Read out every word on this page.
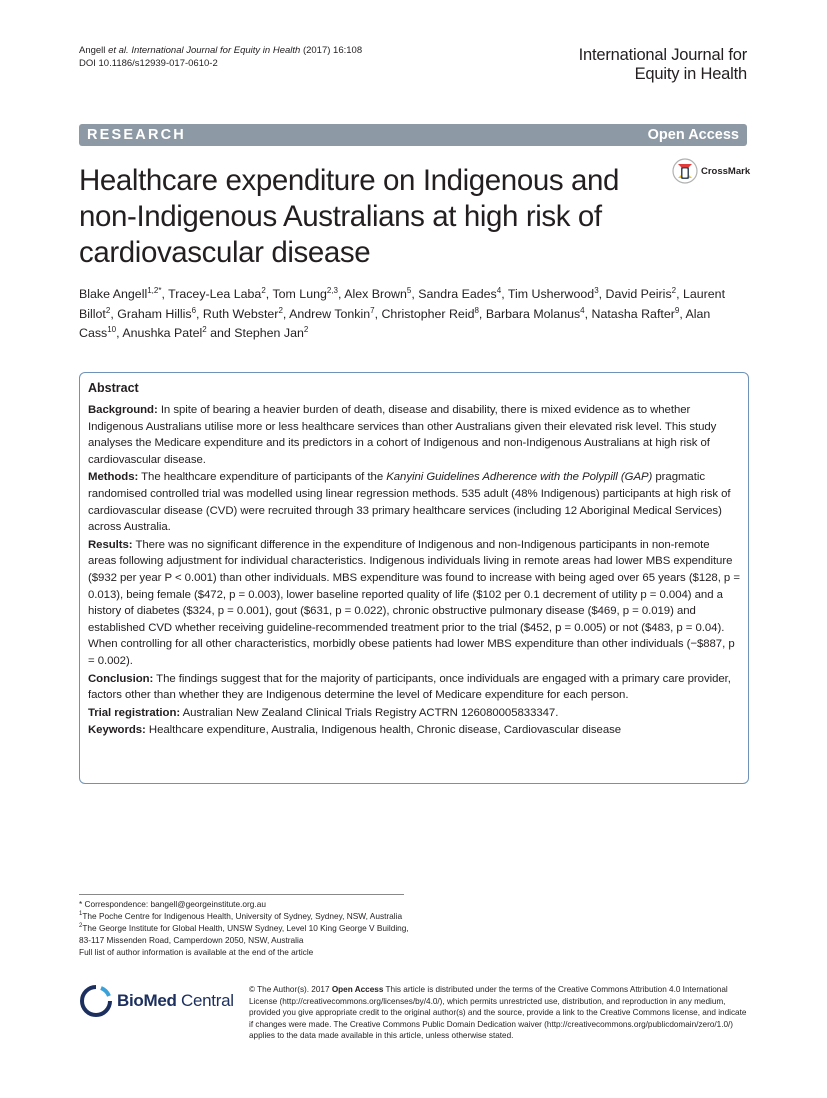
Angell et al. International Journal for Equity in Health (2017) 16:108
DOI 10.1186/s12939-017-0610-2	International Journal for
Equity in Health
RESEARCH	Open Access
Healthcare expenditure on Indigenous and non-Indigenous Australians at high risk of cardiovascular disease
CrossMark
Blake Angell$^{1,2*}$, Tracey-Lea Laba$^2$, Tom Lung$^{2,3}$, Alex Brown$^5$, Sandra Eades$^4$, Tim Usherwood$^3$, David Peiris$^2$, Laurent Billot$^2$, Graham Hillis$^6$, Ruth Webster$^2$, Andrew Tonkin$^7$, Christopher Reid$^8$, Barbara Molanus$^4$, Natasha Rafter$^9$, Alan Cass$^{10}$, Anushka Patel$^2$ and Stephen Jan$^2$
Abstract

Background: In spite of bearing a heavier burden of death, disease and disability, there is mixed evidence as to whether Indigenous Australians utilise more or less healthcare services than other Australians given their elevated risk level. This study analyses the Medicare expenditure and its predictors in a cohort of Indigenous and non-Indigenous Australians at high risk of cardiovascular disease.

Methods: The healthcare expenditure of participants of the Kanyini Guidelines Adherence with the Polypill (GAP) pragmatic randomised controlled trial was modelled using linear regression methods. 535 adult (48% Indigenous) participants at high risk of cardiovascular disease (CVD) were recruited through 33 primary healthcare services (including 12 Aboriginal Medical Services) across Australia.

Results: There was no significant difference in the expenditure of Indigenous and non-Indigenous participants in non-remote areas following adjustment for individual characteristics. Indigenous individuals living in remote areas had lower MBS expenditure ($932 per year P < 0.001) than other individuals. MBS expenditure was found to increase with being aged over 65 years ($128, p = 0.013), being female ($472, p = 0.003), lower baseline reported quality of life ($102 per 0.1 decrement of utility p = 0.004) and a history of diabetes ($324, p = 0.001), gout ($631, p = 0.022), chronic obstructive pulmonary disease ($469, p = 0.019) and established CVD whether receiving guideline-recommended treatment prior to the trial ($452, p = 0.005) or not ($483, p = 0.04). When controlling for all other characteristics, morbidly obese patients had lower MBS expenditure than other individuals (−$887, p = 0.002).

Conclusion: The findings suggest that for the majority of participants, once individuals are engaged with a primary care provider, factors other than whether they are Indigenous determine the level of Medicare expenditure for each person.

Trial registration: Australian New Zealand Clinical Trials Registry ACTRN 126080005833347.

Keywords: Healthcare expenditure, Australia, Indigenous health, Chronic disease, Cardiovascular disease

* Correspondence: bangell@georgeinstitute.org.au
$^1$The Poche Centre for Indigenous Health, University of Sydney, Sydney, NSW, Australia
$^2$The George Institute for Global Health, UNSW Sydney, Level 10 King George V Building, 83-117 Missenden Road, Camperdown 2050, NSW, Australia
Full list of author information is available at the end of the article
BioMed Central
© The Author(s). 2017 Open Access This article is distributed under the terms of the Creative Commons Attribution 4.0 International License (http://creativecommons.org/licenses/by/4.0/), which permits unrestricted use, distribution, and reproduction in any medium, provided you give appropriate credit to the original author(s) and the source, provide a link to the Creative Commons license, and indicate if changes were made. The Creative Commons Public Domain Dedication waiver (http://creativecommons.org/publicdomain/zero/1.0/) applies to the data made available in this article, unless otherwise stated.
